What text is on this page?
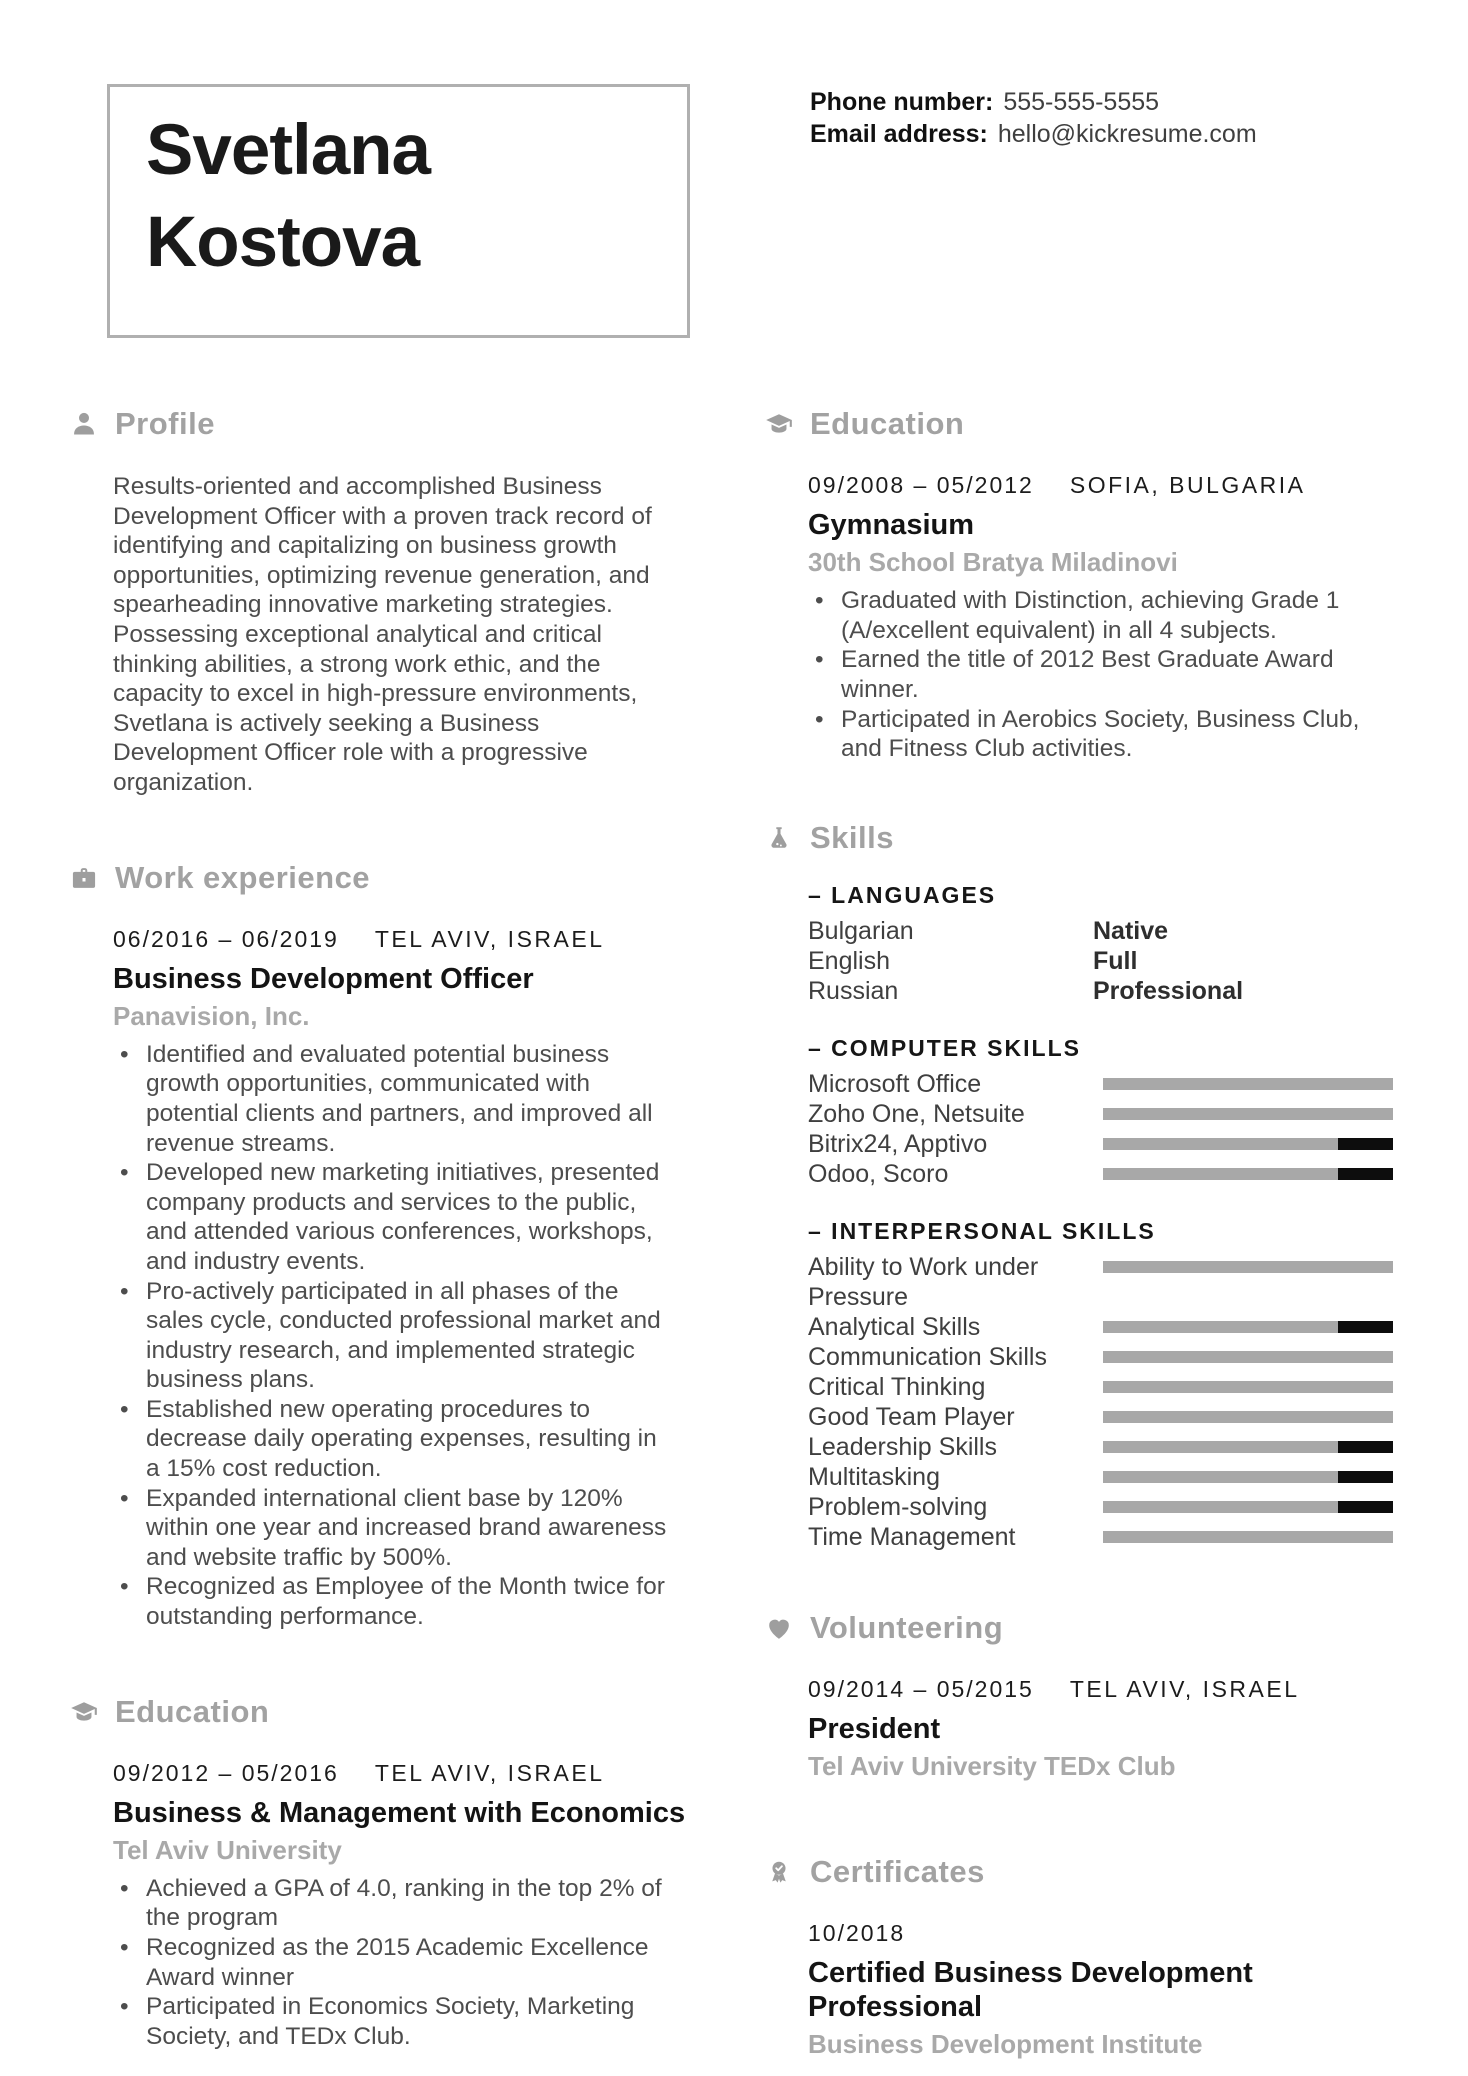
Svetlana Kostova
Phone number: 555-555-5555
Email address: hello@kickresume.com
Profile

Results-oriented and accomplished Business Development Officer with a proven track record of identifying and capitalizing on business growth opportunities, optimizing revenue generation, and spearheading innovative marketing strategies. Possessing exceptional analytical and critical thinking abilities, a strong work ethic, and the capacity to excel in high-pressure environments, Svetlana is actively seeking a Business Development Officer role with a progressive organization.

Work experience
06/2016 – 06/2019 TEL AVIV, ISRAEL
Business Development Officer
Panavision, Inc.
• Identified and evaluated potential business growth opportunities, communicated with potential clients and partners, and improved all revenue streams.
• Developed new marketing initiatives, presented company products and services to the public, and attended various conferences, workshops, and industry events.
• Pro-actively participated in all phases of the sales cycle, conducted professional market and industry research, and implemented strategic business plans.
• Established new operating procedures to decrease daily operating expenses, resulting in a 15% cost reduction.
• Expanded international client base by 120% within one year and increased brand awareness and website traffic by 500%.
• Recognized as Employee of the Month twice for outstanding performance.
Education
09/2012 – 05/2016 TEL AVIV, ISRAEL
Business & Management with Economics
Tel Aviv University
• Achieved a GPA of 4.0, ranking in the top 2% of the program
• Recognized as the 2015 Academic Excellence Award winner
• Participated in Economics Society, Marketing Society, and TEDx Club.
Education
09/2008 – 05/2012 SOFIA, BULGARIA
Gymnasium
30th School Bratya Miladinovi
• Graduated with Distinction, achieving Grade 1 (A/excellent equivalent) in all 4 subjects.
• Earned the title of 2012 Best Graduate Award winner.
• Participated in Aerobics Society, Business Club, and Fitness Club activities.
Skills
– LANGUAGES
Bulgarian	Native
English	Full
Russian	Professional
– COMPUTER SKILLS
Microsoft Office
Zoho One, Netsuite
Bitrix24, Apptivo
Odoo, Scoro
– INTERPERSONAL SKILLS
Ability to Work under Pressure
Analytical Skills
Communication Skills
Critical Thinking
Good Team Player
Leadership Skills
Multitasking
Problem-solving
Time Management
Volunteering
09/2014 – 05/2015 TEL AVIV, ISRAEL
President
Tel Aviv University TEDx Club
Certificates
10/2018
Certified Business Development Professional
Business Development Institute
